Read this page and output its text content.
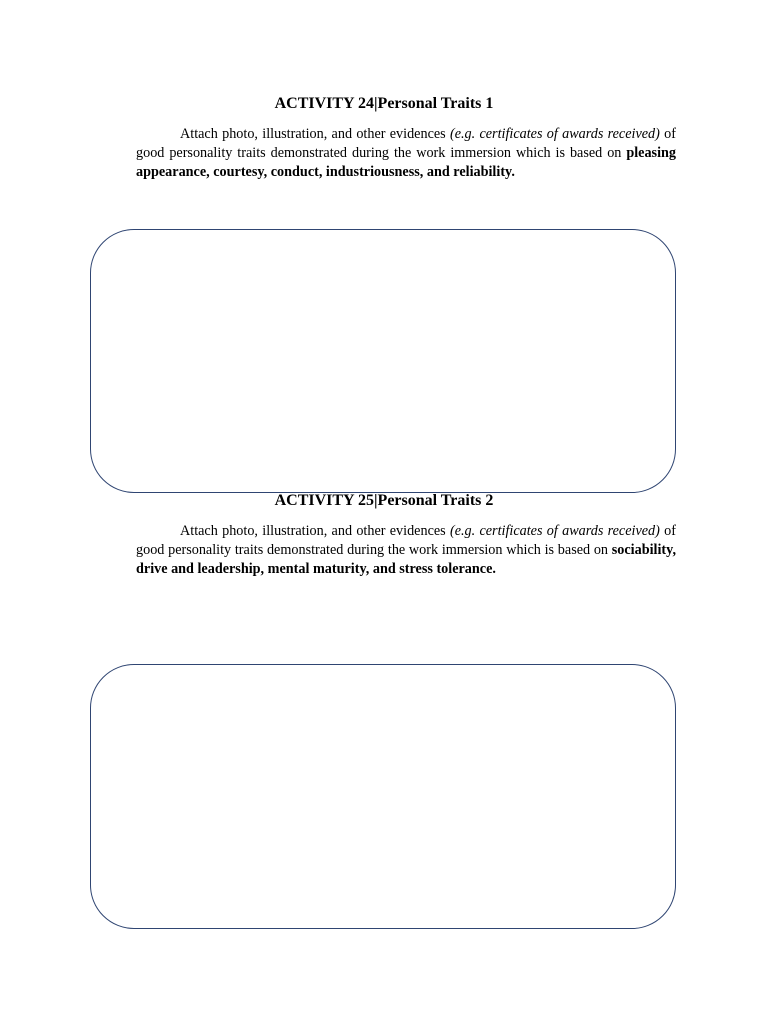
ACTIVITY 24|Personal Traits 1

Attach photo, illustration, and other evidences (e.g. certificates of awards received) of good personality traits demonstrated during the work immersion which is based on pleasing appearance, courtesy, conduct, industriousness, and reliability.

ACTIVITY 25|Personal Traits 2

Attach photo, illustration, and other evidences (e.g. certificates of awards received) of good personality traits demonstrated during the work immersion which is based on sociability, drive and leadership, mental maturity, and stress tolerance.
